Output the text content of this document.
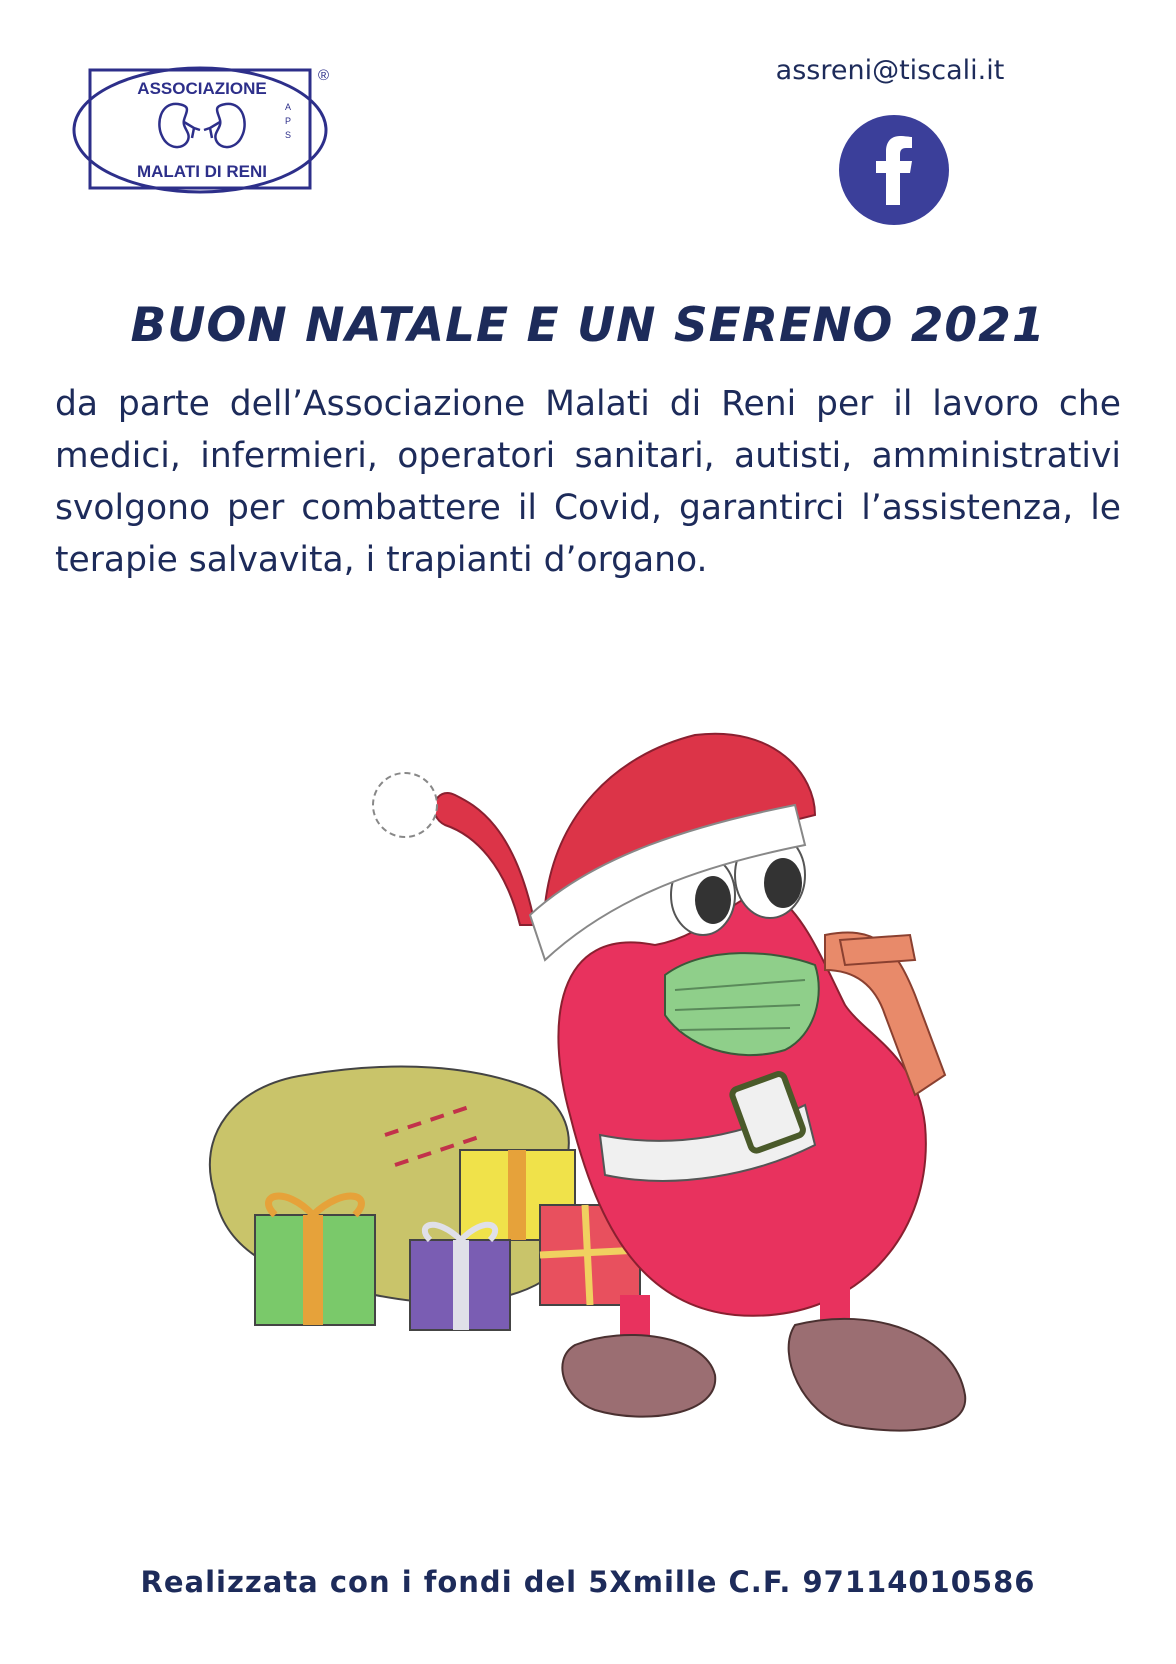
ASSOCIAZIONE
MALATI DI RENI
A
P
S
®	assreni@tiscali.it
BUON NATALE E UN SERENO 2021
da parte dell’Associazione Malati di Reni per il lavoro che medici, infermieri, operatori sanitari, autisti, amministrativi svolgono per combattere il Covid, garantirci l’assistenza, le terapie salvavita, i trapianti d’organo.
Realizzata con i fondi del 5Xmille C.F. 97114010586
